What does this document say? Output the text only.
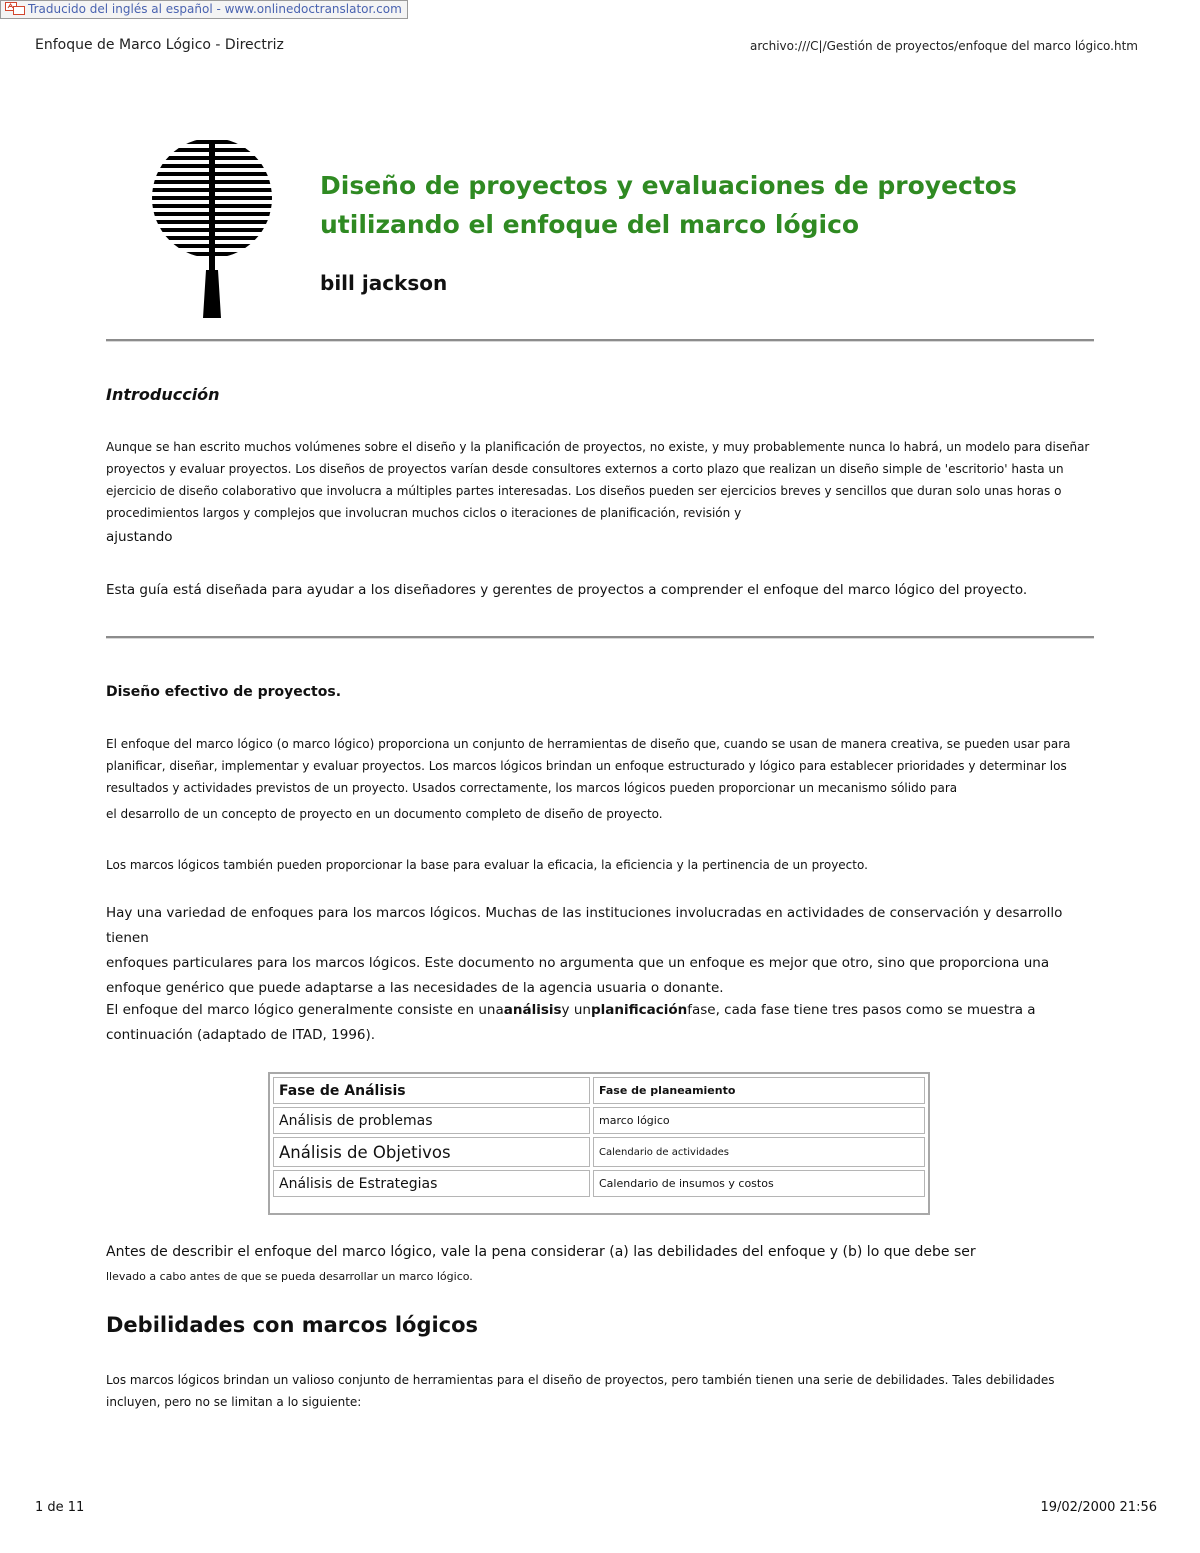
Traducido del inglés al español - www.onlinedoctranslator.com
Enfoque de Marco Lógico - Directriz	archivo:///C|/Gestión de proyectos/enfoque del marco lógico.htm
Diseño de proyectos y evaluaciones de proyectos
utilizando el enfoque del marco lógico
bill jackson
Introducción
Aunque se han escrito muchos volúmenes sobre el diseño y la planificación de proyectos, no existe, y muy probablemente nunca lo habrá, un modelo para diseñar
proyectos y evaluar proyectos. Los diseños de proyectos varían desde consultores externos a corto plazo que realizan un diseño simple de 'escritorio' hasta un
ejercicio de diseño colaborativo que involucra a múltiples partes interesadas. Los diseños pueden ser ejercicios breves y sencillos que duran solo unas horas o
procedimientos largos y complejos que involucran muchos ciclos o iteraciones de planificación, revisión y
ajustando
Esta guía está diseñada para ayudar a los diseñadores y gerentes de proyectos a comprender el enfoque del marco lógico del proyecto.
Diseño efectivo de proyectos.
El enfoque del marco lógico (o marco lógico) proporciona un conjunto de herramientas de diseño que, cuando se usan de manera creativa, se pueden usar para
planificar, diseñar, implementar y evaluar proyectos. Los marcos lógicos brindan un enfoque estructurado y lógico para establecer prioridades y determinar los
resultados y actividades previstos de un proyecto. Usados correctamente, los marcos lógicos pueden proporcionar un mecanismo sólido para
el desarrollo de un concepto de proyecto en un documento completo de diseño de proyecto.
Los marcos lógicos también pueden proporcionar la base para evaluar la eficacia, la eficiencia y la pertinencia de un proyecto.
Hay una variedad de enfoques para los marcos lógicos. Muchas de las instituciones involucradas en actividades de conservación y desarrollo tienen
enfoques particulares para los marcos lógicos. Este documento no argumenta que un enfoque es mejor que otro, sino que proporciona una
enfoque genérico que puede adaptarse a las necesidades de la agencia usuaria o donante.
El enfoque del marco lógico generalmente consiste en unaanálisisy unplanificaciónfase, cada fase tiene tres pasos como se muestra a
continuación (adaptado de ITAD, 1996).
Fase de Análisis	Fase de planeamiento
Análisis de problemas	marco lógico
Análisis de Objetivos	Calendario de actividades
Análisis de Estrategias	Calendario de insumos y costos
Antes de describir el enfoque del marco lógico, vale la pena considerar (a) las debilidades del enfoque y (b) lo que debe ser
llevado a cabo antes de que se pueda desarrollar un marco lógico.
Debilidades con marcos lógicos
Los marcos lógicos brindan un valioso conjunto de herramientas para el diseño de proyectos, pero también tienen una serie de debilidades. Tales debilidades
incluyen, pero no se limitan a lo siguiente:
1 de 11	19/02/2000 21:56
